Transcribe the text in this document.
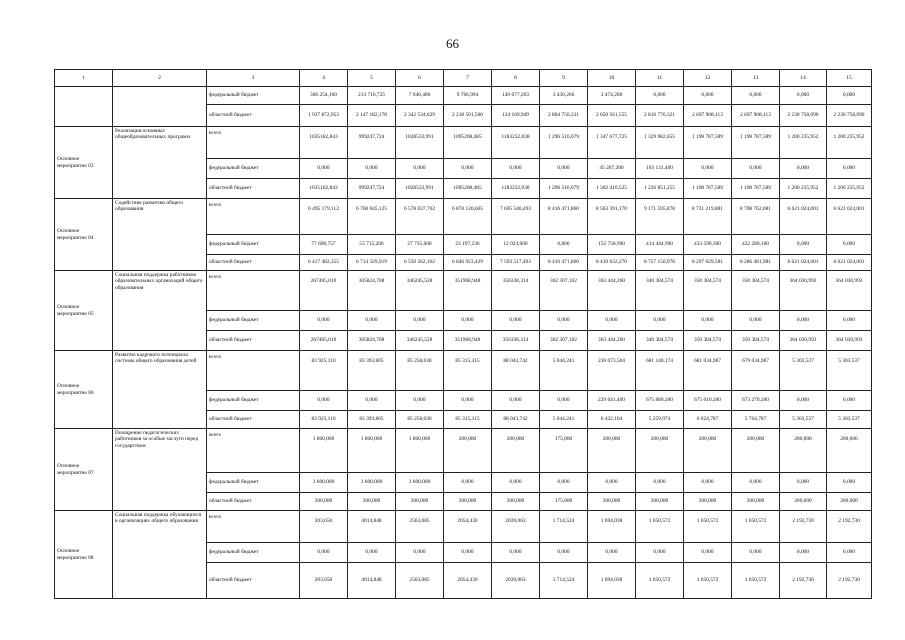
66
1	2	3	4	5	6	7	8	9	10	11	12	13	14	15
		федеральный бюджет	306 254,100	213 716,725	7 940,400	9 766,994	149 077,263	3 430,266	3 474,200	0,000	0,000	0,000	0,000	0,000
		областной бюджет	1 937 872,953	2 147 182,178	2 342 534,629	2 218 501,500	124 169,949	2 804 750,331	2 650 561,555	2 816 776,321	2 697 908,113	2 697 908,113	2 230 758,090	2 230 758,090
Основное мероприятие 03	Реализация основных общеобразовательных программ	всего	1035182,843	999247,724	1028533,991	1095208,485	1183232,038	1 296 516,079	1 347 677,725	1 329 982,655	1 198 787,589	1 198 787,589	1 200 235,952	1 200 235,952
		федеральный бюджет	0,000	0,000	0,000	0,000	0,000	0,000	45 267,200	103 131,400	0,000	0,000	0,000	0,000
		областной бюджет	1035182,843	999247,724	1028533,991	1095208,485	1183232,038	1 296 516,079	1 302 410,525	1 226 851,255	1 198 787,589	1 198 787,589	1 200 235,952	1 200 235,952
Основное мероприятие 04	Содействие развитию общего образования	всего	6 495 179,112	6 768 045,125	6 578 037,762	6 870 120,665	7 605 540,493	8 416 471,860	8 563 391,170	9 171 595,878	8 731 219,881	8 708 762,081	6 621 024,001	6 621 024,001
		федеральный бюджет	77 696,757	53 715,206	27 735,600	23 197,236	12 023,000	0,000	152 758,900	414 444,900	433 590,300	422 280,100	0,000	0,000
		областной бюджет	6 417 482,355	6 714 329,919	6 550 262,162	6 846 923,429	7 593 517,493	8 416 471,860	8 410 632,270	8 757 150,978	8 297 629,581	8 286 481,981	6 621 024,001	6 621 024,001
Основное мероприятие 05	Социальная поддержка работников образовательных организаций общего образования	всего	267405,010	305824,708	346245,528	351968,948	356338,314	362 307,102	363 444,260	340 384,574	350 384,574	350 384,574	364 030,993	364 030,993
		федеральный бюджет	0,000	0,000	0,000	0,000	0,000	0,000	0,000	0,000	0,000	0,000	0,000	0,000
		областной бюджет	267405,010	305824,708	346245,528	351968,948	356338,314	362 307,102	363 444,260	340 384,574	350 384,574	350 384,574	364 030,993	364 030,993
Основное мероприятие 06	Развитие кадрового потенциала системы общего образования детей	всего	83 925,110	83 393,805	85 258,030	85 315,315	88 043,742	5 044,241	236 073,504	681 140,174	681 034,987	679 034,987	5 303,537	5 303,537
		федеральный бюджет	0,000	0,000	0,000	0,000	0,000	0,000	229 641,400	675 880,200	675 010,200	673 270,200	0,000	0,000
		областной бюджет	83 925,110	83 393,805	85 258,030	85 315,315	88 043,742	5 044,241	6 432,104	5 259,974	6 024,787	5 764,787	5 303,537	5 303,537
Основное мероприятие 07	Поощрение педагогических работников за особые заслуги перед государством	всего	1 800,000	1 800,000	1 800,000	200,000	200,000	175,000	200,000	200,000	200,000	200,000	200,000	200,000
		федеральный бюджет	1 600,000	1 600,000	1 600,000	0,000	0,000	0,000	0,000	0,000	0,000	0,000	0,000	0,000
		областной бюджет	200,000	200,000	200,000	200,000	200,000	175,000	200,000	200,000	200,000	200,000	200,000	200,000
Основное мероприятие 08	Социальная поддержка обучающихся в организациях общего образования	всего	203,650	4014,848	2563,085	2054,430	2039,063	1 714,524	1 694,038	1 650,572	1 650,572	1 650,572	2 192,730	2 192,730
		федеральный бюджет	0,000	0,000	0,000	0,000	0,000	0,000	0,000	0,000	0,000	0,000	0,000	0,000
		областной бюджет	203,650	4014,848	2563,085	2054,430	2039,063	1 714,524	1 694,038	1 650,572	1 650,572	1 650,572	2 192,730	2 192,730
